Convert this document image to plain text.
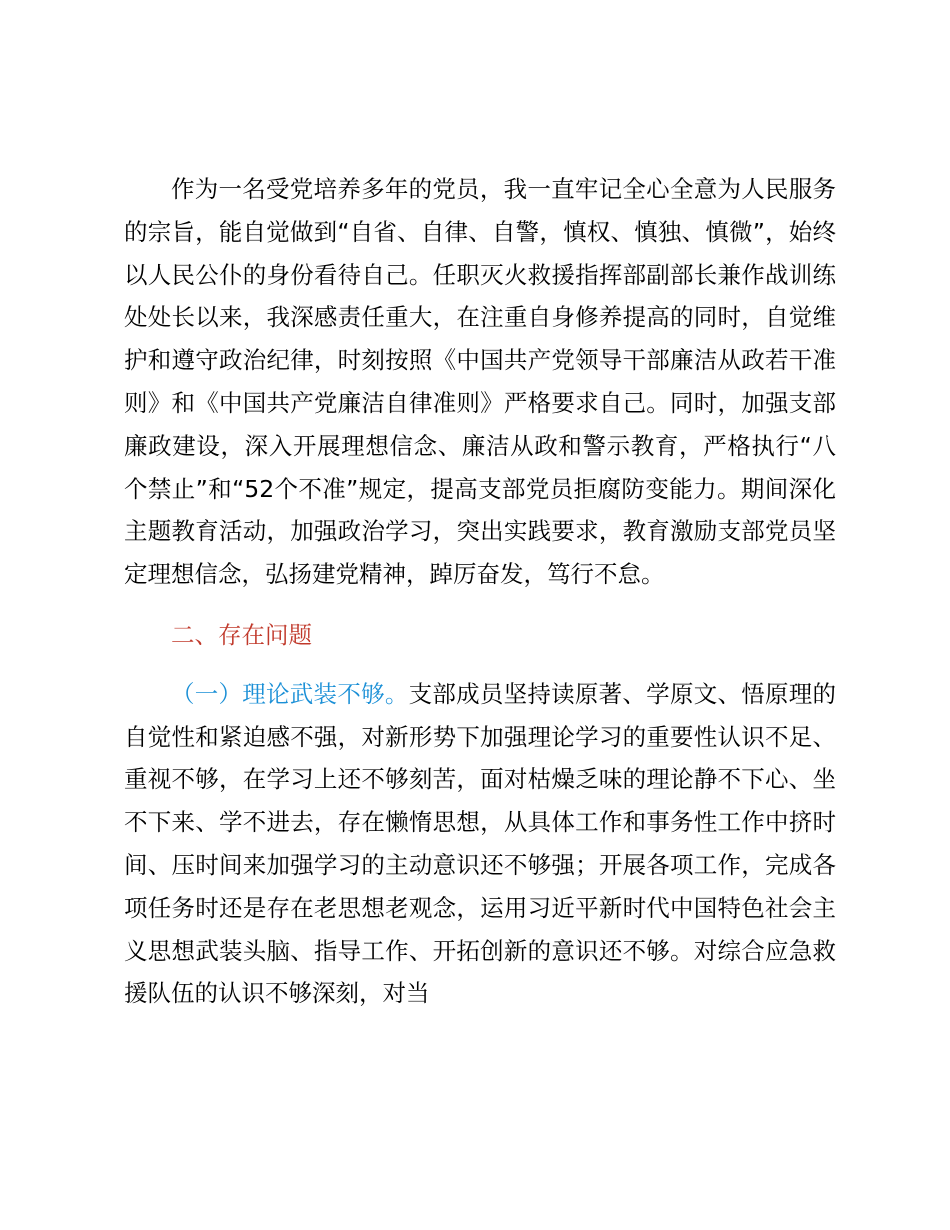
作为一名受党培养多年的党员，我一直牢记全心全意为人民服务的宗旨，能自觉做到“自省、自律、自警，慎权、慎独、慎微”，始终以人民公仆的身份看待自己。任职灭火救援指挥部副部长兼作战训练处处长以来，我深感责任重大，在注重自身修养提高的同时，自觉维护和遵守政治纪律，时刻按照《中国共产党领导干部廉洁从政若干准则》和《中国共产党廉洁自律准则》严格要求自己。同时，加强支部廉政建设，深入开展理想信念、廉洁从政和警示教育，严格执行“八个禁止”和“52个不准”规定，提高支部党员拒腐防变能力。期间深化主题教育活动，加强政治学习，突出实践要求，教育激励支部党员坚定理想信念，弘扬建党精神，踔厉奋发，笃行不怠。

二、存在问题

（一）理论武装不够。支部成员坚持读原著、学原文、悟原理的自觉性和紧迫感不强，对新形势下加强理论学习的重要性认识不足、重视不够，在学习上还不够刻苦，面对枯燥乏味的理论静不下心、坐不下来、学不进去，存在懒惰思想，从具体工作和事务性工作中挤时间、压时间来加强学习的主动意识还不够强；开展各项工作，完成各项任务时还是存在老思想老观念，运用习近平新时代中国特色社会主义思想武装头脑、指导工作、开拓创新的意识还不够。对综合应急救援队伍的认识不够深刻，对当
